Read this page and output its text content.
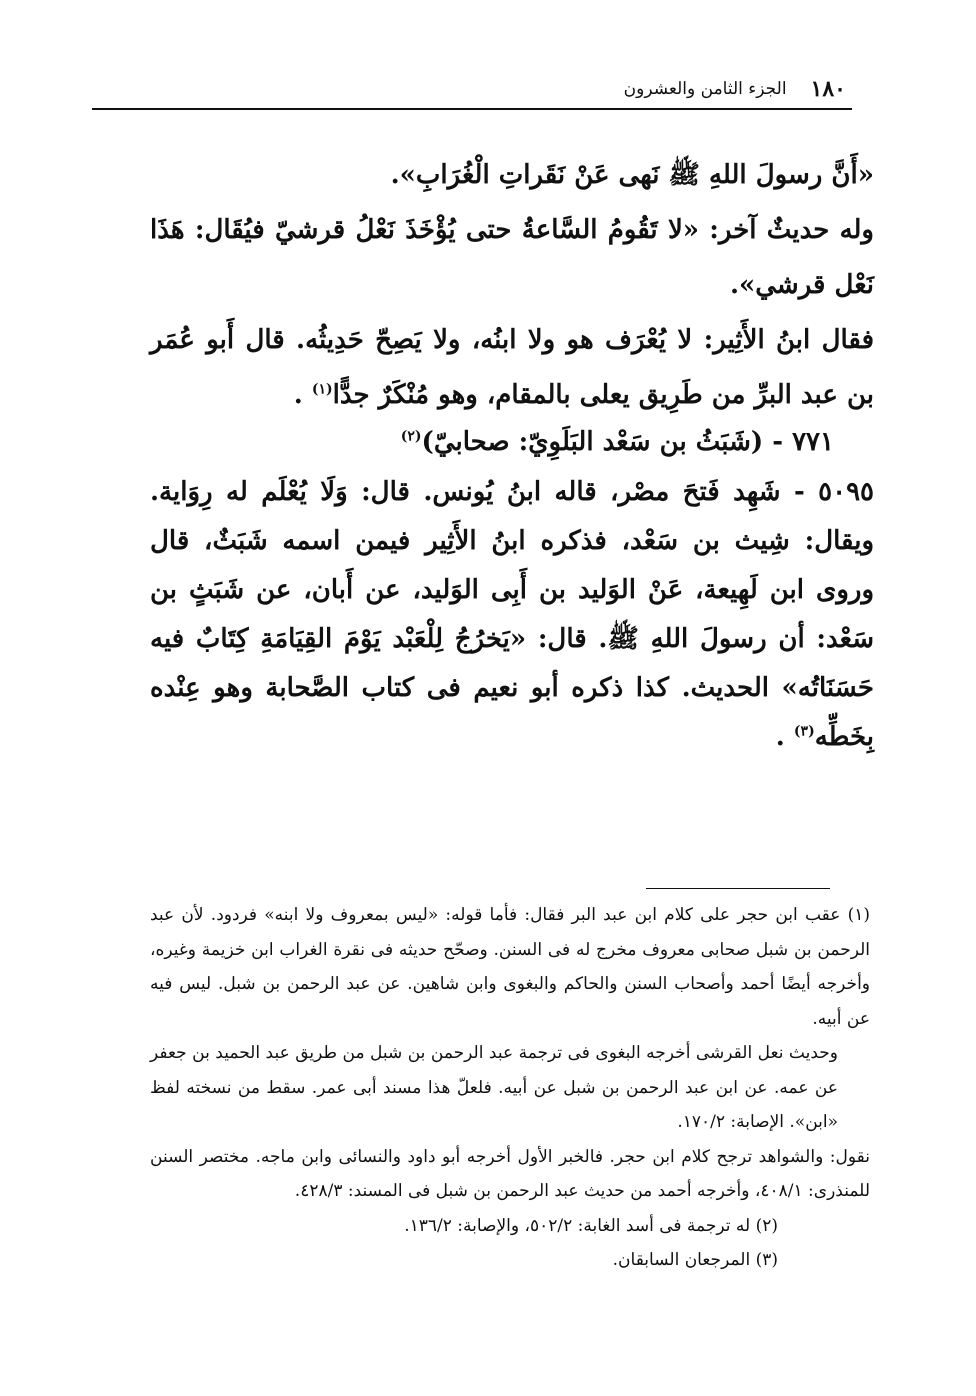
١٨٠
الجزء الثامن والعشرون

«أَنَّ رسولَ اللهِ ﷺ نَهى عَنْ نَقَراتِ الْغُرَابِ».

وله حديثٌ آخر: «لا تَقُومُ السَّاعةُ حتى يُؤْخَذَ نَعْلُ قرشيّ فيُقَال: هَذَا نَعْل قرشي».

فقال ابنُ الأَثِير: لا يُعْرَف هو ولا ابنُه، ولا يَصِحّ حَدِيثُه. قال أَبو عُمَر بن عبد البرِّ من طَرِيق يعلى بالمقام، وهو مُنْكَرٌ جدًّا$^{(١)}$ .

٧٧١ - (شَبَثُ بن سَعْد البَلَوِيّ: صحابيّ)$^{(٢)}$
٥٠٩٥ - شَهِد فَتحَ مصْر، قاله ابنُ يُونس. قال: وَلَا يُعْلَم له رِوَاية. ويقال: شِيث بن سَعْد، فذكره ابنُ الأَثِير فيمن اسمه شَبَثٌ، قال وروى ابن لَهِيعة، عَنْ الوَليد بن أَبِى الوَليد، عن أَبان، عن شَبَثٍ بن سَعْد: أن رسولَ اللهِ ﷺ. قال: «يَخرُجُ لِلْعَبْد يَوْمَ القِيَامَةِ كِتَابٌ فيه حَسَنَاتُه» الحديث. كذا ذكره أبو نعيم فى كتاب الصَّحابة وهو عِنْده بِخَطِّه$^{(٣)}$ .

(١) عقب ابن حجر على كلام ابن عبد البر فقال: فأما قوله: «ليس بمعروف ولا ابنه» فردود. لأن عبد الرحمن بن شبل صحابى معروف مخرج له فى السنن. وصحّح حديثه فى نقرة الغراب ابن خزيمة وغيره، وأخرجه أيضًا أحمد وأصحاب السنن والحاكم والبغوى وابن شاهين. عن عبد الرحمن بن شبل. ليس فيه عن أبيه.

وحديث نعل القرشى أخرجه البغوى فى ترجمة عبد الرحمن بن شبل من طريق عبد الحميد بن جعفر عن عمه. عن ابن عبد الرحمن بن شبل عن أبيه. فلعلّ هذا مسند أبى عمر. سقط من نسخته لفظ «ابن». الإصابة: ١٧٠/٢.

نقول: والشواهد ترجح كلام ابن حجر. فالخبر الأول أخرجه أبو داود والنسائى وابن ماجه. مختصر السنن للمنذرى: ٤٠٨/١، وأخرجه أحمد من حديث عبد الرحمن بن شبل فى المسند: ٤٢٨/٣.

(٢) له ترجمة فى أسد الغابة: ٥٠٢/٢، والإصابة: ١٣٦/٢.

(٣) المرجعان السابقان.
